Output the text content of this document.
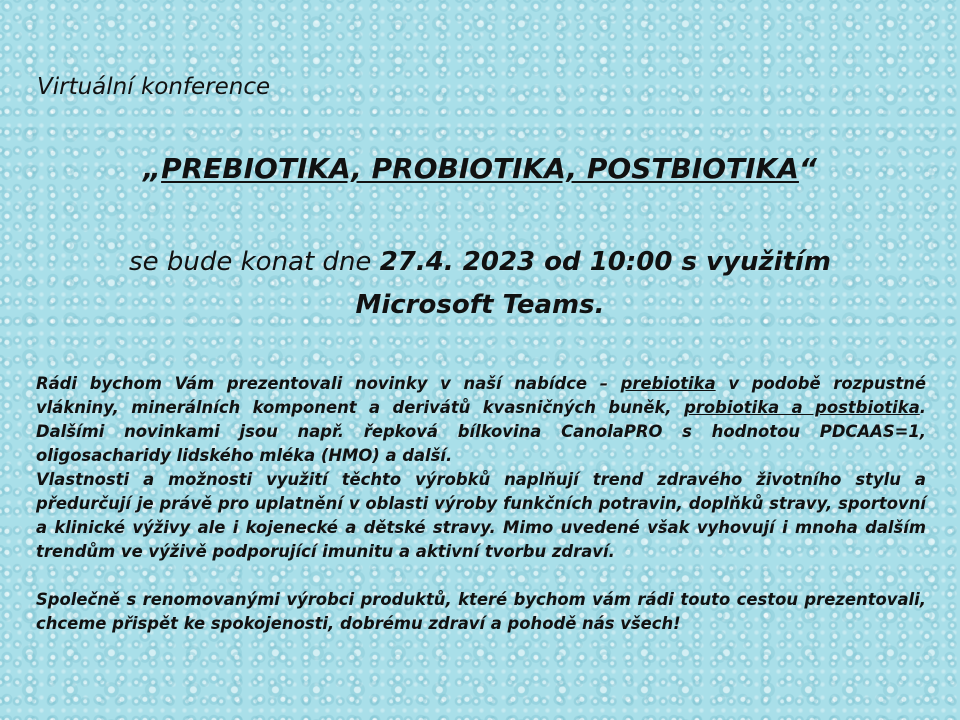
Virtuální konference
„PREBIOTIKA, PROBIOTIKA, POSTBIOTIKA“
se bude konat dne 27.4. 2023 od 10:00 s využitím
Microsoft Teams.

Rádi bychom Vám prezentovali novinky v naší nabídce – prebiotika v podobě rozpustné vlákniny, minerálních komponent a derivátů kvasničných buněk, probiotika a postbiotika. Dalšími novinkami jsou např. řepková bílkovina CanolaPRO s hodnotou PDCAAS=1, oligosacharidy lidského mléka (HMO) a další.

Vlastnosti a možnosti využití těchto výrobků naplňují trend zdravého životního stylu a předurčují je právě pro uplatnění v oblasti výroby funkčních potravin, doplňků stravy, sportovní a klinické výživy ale i kojenecké a dětské stravy. Mimo uvedené však vyhovují i mnoha dalším trendům ve výživě podporující imunitu a aktivní tvorbu zdraví.

Společně s renomovanými výrobci produktů, které bychom vám rádi touto cestou prezentovali, chceme přispět ke spokojenosti, dobrému zdraví a pohodě nás všech!
